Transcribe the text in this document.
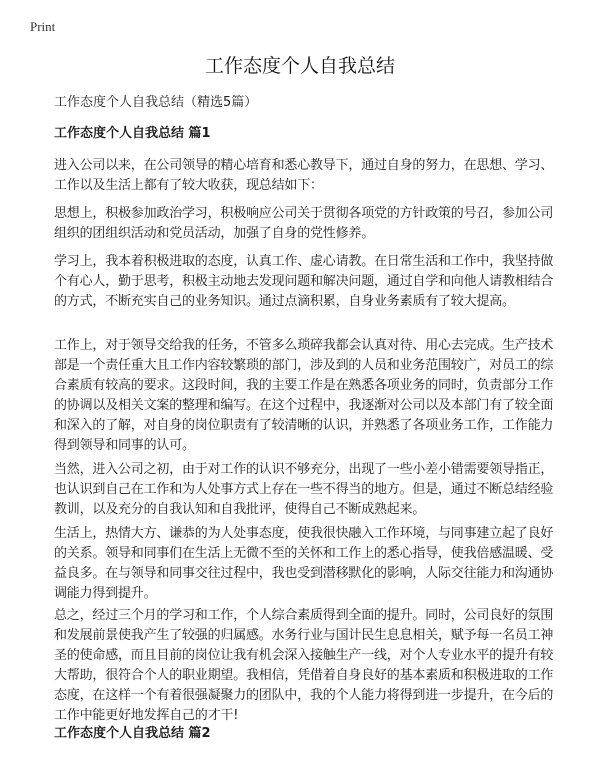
Print
工作态度个人自我总结
工作态度个人自我总结（精选5篇）
工作态度个人自我总结 篇1

进入公司以来，在公司领导的精心培育和悉心教导下，通过自身的努力，在思想、学习、工作以及生活上都有了较大收获，现总结如下：

思想上，积极参加政治学习，积极响应公司关于贯彻各项党的方针政策的号召，参加公司组织的团组织活动和党员活动，加强了自身的党性修养。

学习上，我本着积极进取的态度，认真工作、虚心请教。在日常生活和工作中，我坚持做个有心人，勤于思考，积极主动地去发现问题和解决问题，通过自学和向他人请教相结合的方式，不断充实自己的业务知识。通过点滴积累，自身业务素质有了较大提高。

工作上，对于领导交给我的任务，不管多么琐碎我都会认真对待、用心去完成。生产技术部是一个责任重大且工作内容较繁琐的部门，涉及到的人员和业务范围较广，对员工的综合素质有较高的要求。这段时间，我的主要工作是在熟悉各项业务的同时，负责部分工作的协调以及相关文案的整理和编写。在这个过程中，我逐渐对公司以及本部门有了较全面和深入的了解，对自身的岗位职责有了较清晰的认识，并熟悉了各项业务工作，工作能力得到领导和同事的认可。

当然，进入公司之初，由于对工作的认识不够充分，出现了一些小差小错需要领导指正，也认识到自己在工作和为人处事方式上存在一些不得当的地方。但是，通过不断总结经验教训，以及充分的自我认知和自我批评，使得自己不断成熟起来。

生活上，热情大方、谦恭的为人处事态度，使我很快融入工作环境，与同事建立起了良好的关系。领导和同事们在生活上无微不至的关怀和工作上的悉心指导，使我倍感温暖、受益良多。在与领导和同事交往过程中，我也受到潜移默化的影响，人际交往能力和沟通协调能力得到提升。

总之，经过三个月的学习和工作，个人综合素质得到全面的提升。同时，公司良好的氛围和发展前景使我产生了较强的归属感。水务行业与国计民生息息相关，赋予每一名员工神圣的使命感，而且目前的岗位让我有机会深入接触生产一线，对个人专业水平的提升有较大帮助，很符合个人的职业期望。我相信，凭借着自身良好的基本素质和积极进取的工作态度，在这样一个有着很强凝聚力的团队中，我的个人能力将得到进一步提升，在今后的工作中能更好地发挥自己的才干!

工作态度个人自我总结 篇2
